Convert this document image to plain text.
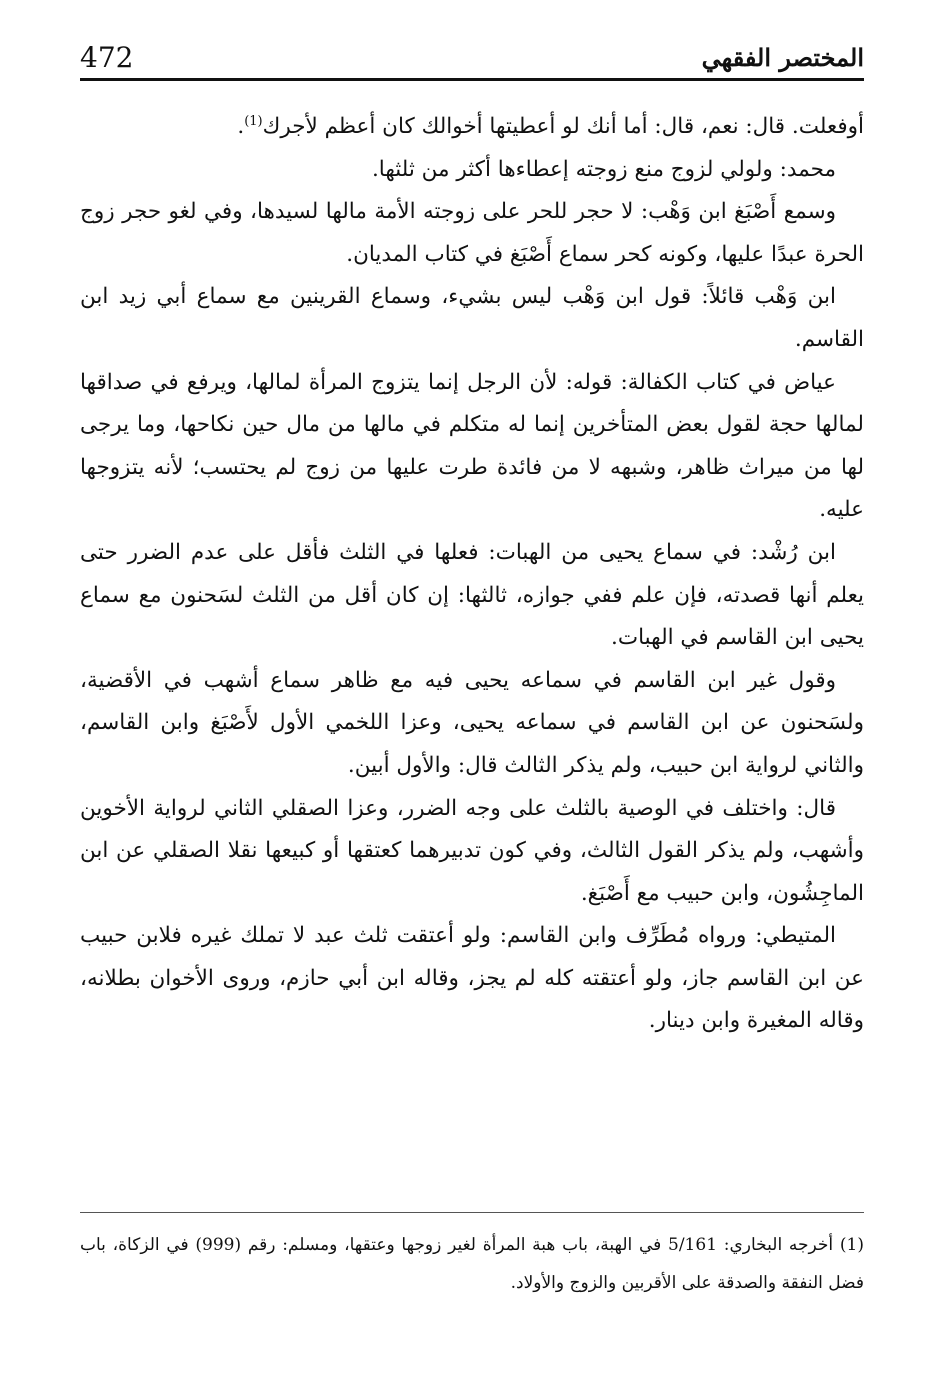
472	المختصر الفقهي

أوفعلت. قال: نعم، قال: أما أنك لو أعطيتها أخوالك كان أعظم لأجرك$^{(1)}$.

محمد: ولولي لزوج منع زوجته إعطاءها أكثر من ثلثها.

وسمع أَصْبَغ ابن وَهْب: لا حجر للحر على زوجته الأمة مالها لسيدها، وفي لغو حجر زوج الحرة عبدًا عليها، وكونه كحر سماع أَصْبَغ في كتاب المديان.

ابن وَهْب قائلاً: قول ابن وَهْب ليس بشيء، وسماع القرينين مع سماع أبي زيد ابن القاسم.

عياض في كتاب الكفالة: قوله: لأن الرجل إنما يتزوج المرأة لمالها، ويرفع في صداقها لمالها حجة لقول بعض المتأخرين إنما له متكلم في مالها من مال حين نكاحها، وما يرجى لها من ميراث ظاهر، وشبهه لا من فائدة طرت عليها من زوج لم يحتسب؛ لأنه يتزوجها عليه.

ابن رُشْد: في سماع يحيى من الهبات: فعلها في الثلث فأقل على عدم الضرر حتى يعلم أنها قصدته، فإن علم ففي جوازه، ثالثها: إن كان أقل من الثلث لسَحنون مع سماع يحيى ابن القاسم في الهبات.

وقول غير ابن القاسم في سماعه يحيى فيه مع ظاهر سماع أشهب في الأقضية، ولسَحنون عن ابن القاسم في سماعه يحيى، وعزا اللخمي الأول لأَصْبَغ وابن القاسم، والثاني لرواية ابن حبيب، ولم يذكر الثالث قال: والأول أبين.

قال: واختلف في الوصية بالثلث على وجه الضرر، وعزا الصقلي الثاني لرواية الأخوين وأشهب، ولم يذكر القول الثالث، وفي كون تدبيرهما كعتقها أو كبيعها نقلا الصقلي عن ابن الماجِشُون، وابن حبيب مع أَصْبَغ.

المتيطي: ورواه مُطَرِّف وابن القاسم: ولو أعتقت ثلث عبد لا تملك غيره فلابن حبيب عن ابن القاسم جاز، ولو أعتقته كله لم يجز، وقاله ابن أبي حازم، وروى الأخوان بطلانه، وقاله المغيرة وابن دينار.

(1) أخرجه البخاري: 5/161 في الهبة، باب هبة المرأة لغير زوجها وعتقها، ومسلم: رقم (999) في الزكاة، باب فضل النفقة والصدقة على الأقربين والزوج والأولاد.
